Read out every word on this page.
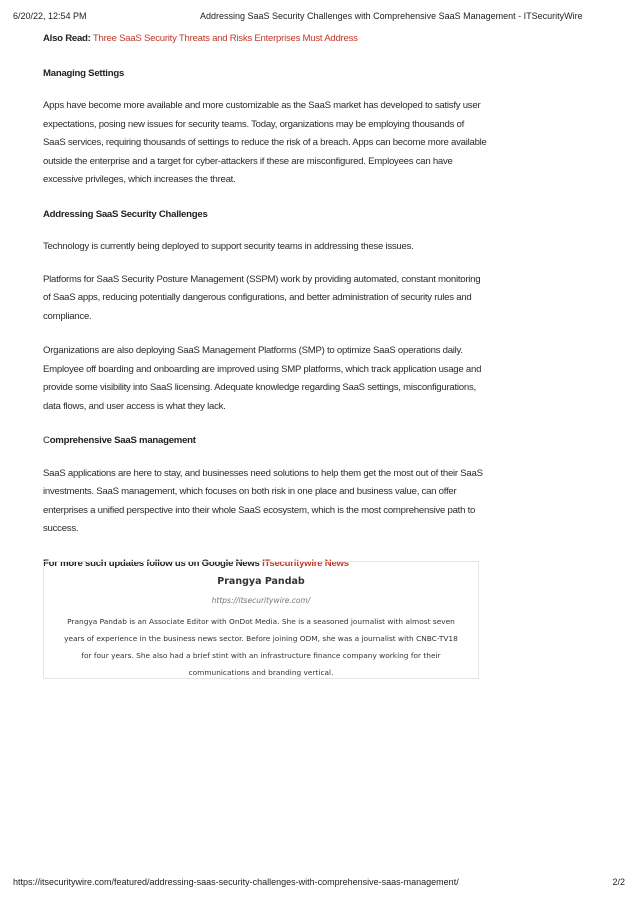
6/20/22, 12:54 PM	Addressing SaaS Security Challenges with Comprehensive SaaS Management - ITSecurityWire

Also Read: Three SaaS Security Threats and Risks Enterprises Must Address

Managing Settings

Apps have become more available and more customizable as the SaaS market has developed to satisfy user expectations, posing new issues for security teams. Today, organizations may be employing thousands of SaaS services, requiring thousands of settings to reduce the risk of a breach. Apps can become more available outside the enterprise and a target for cyber-attackers if these are misconfigured. Employees can have excessive privileges, which increases the threat.

Addressing SaaS Security Challenges

Technology is currently being deployed to support security teams in addressing these issues.

Platforms for SaaS Security Posture Management (SSPM) work by providing automated, constant monitoring of SaaS apps, reducing potentially dangerous configurations, and better administration of security rules and compliance.

Organizations are also deploying SaaS Management Platforms (SMP) to optimize SaaS operations daily. Employee off boarding and onboarding are improved using SMP platforms, which track application usage and provide some visibility into SaaS licensing. Adequate knowledge regarding SaaS settings, misconfigurations, data flows, and user access is what they lack.

Comprehensive SaaS management

SaaS applications are here to stay, and businesses need solutions to help them get the most out of their SaaS investments. SaaS management, which focuses on both risk in one place and business value, can offer enterprises a unified perspective into their whole SaaS ecosystem, which is the most comprehensive path to success.

For more such updates follow us on Google News ITsecuritywire News

Prangya Pandab
https://itsecuritywire.com/
Prangya Pandab is an Associate Editor with OnDot Media. She is a seasoned journalist with almost seven years of experience in the business news sector. Before joining ODM, she was a journalist with CNBC-TV18 for four years. She also had a brief stint with an infrastructure finance company working for their communications and branding vertical.
https://itsecuritywire.com/featured/addressing-saas-security-challenges-with-comprehensive-saas-management/	2/2
